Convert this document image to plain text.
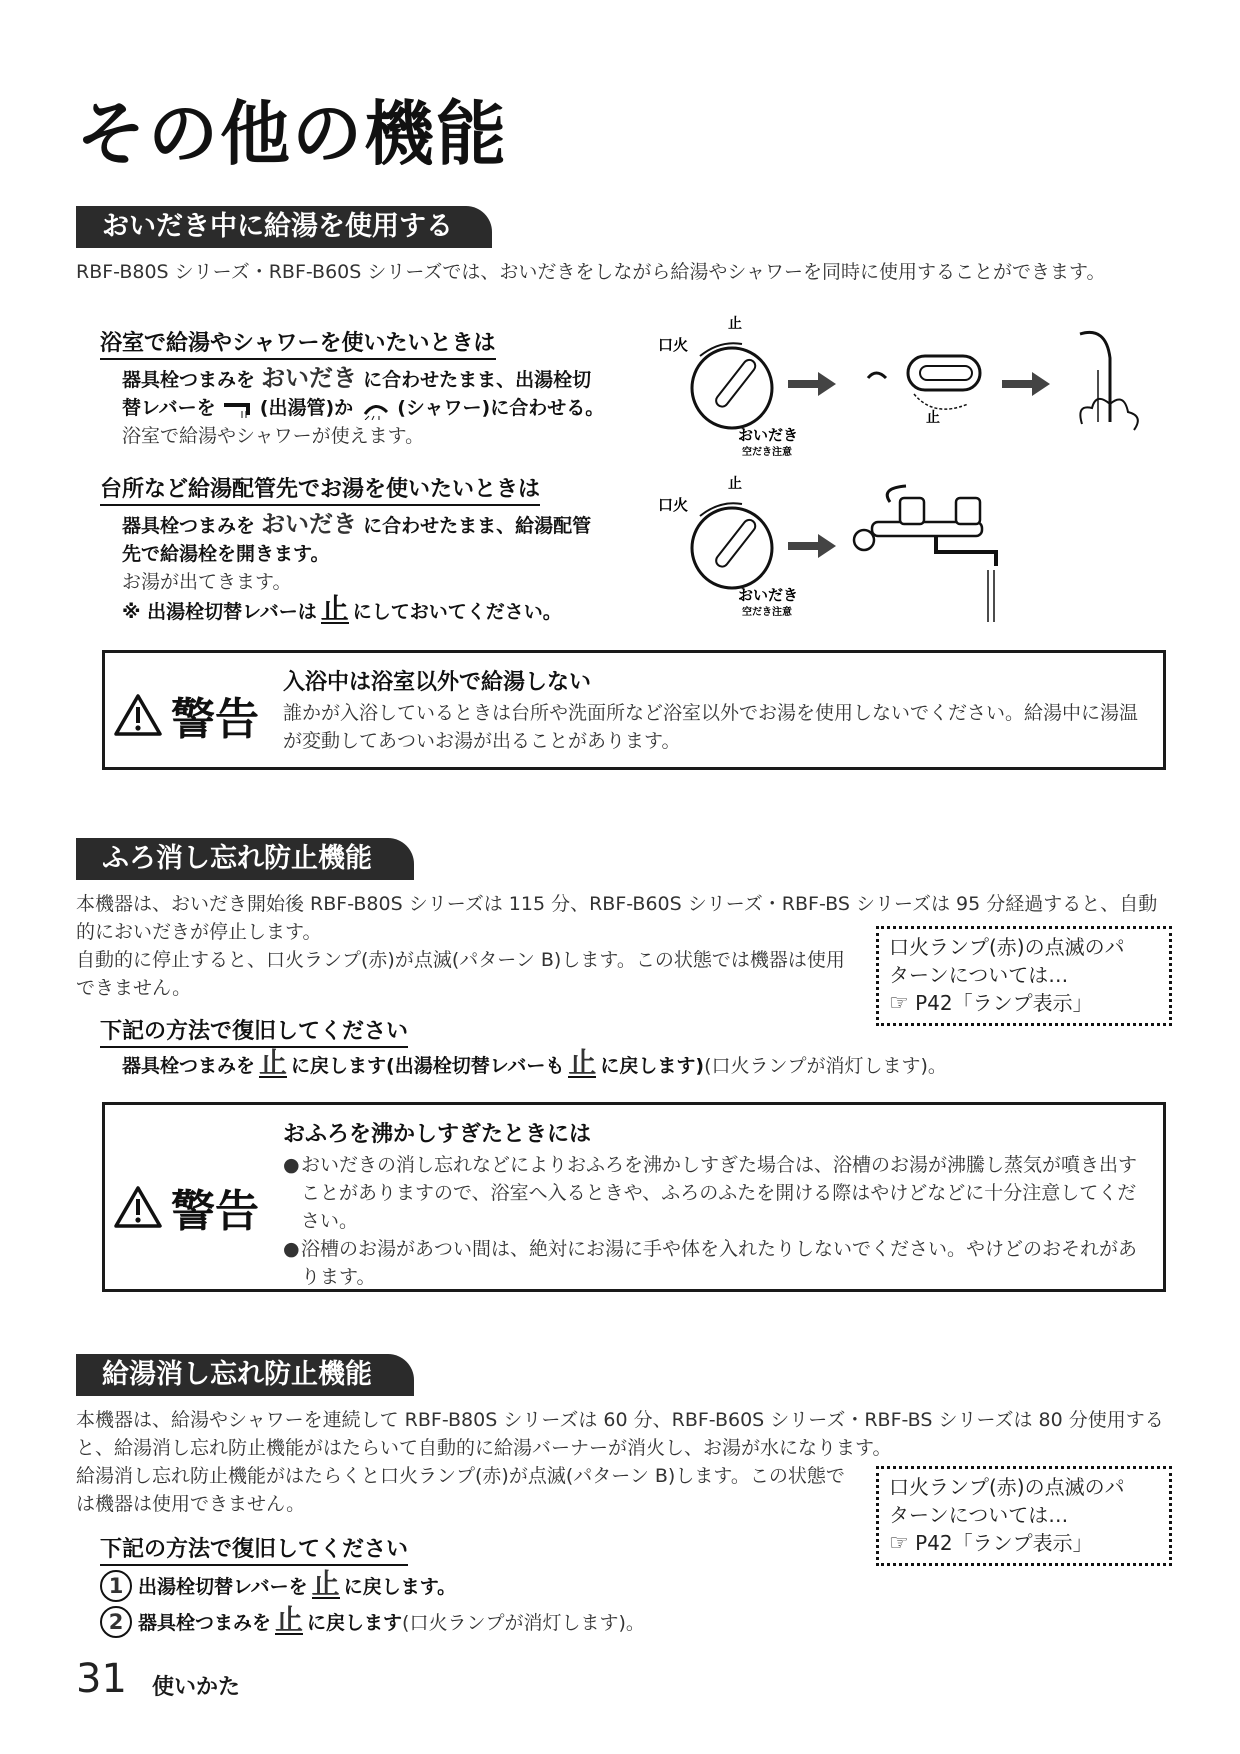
その他の機能
おいだき中に給湯を使用する
RBF-B80S シリーズ・RBF-B60S シリーズでは、おいだきをしながら給湯やシャワーを同時に使用することができます。
浴室で給湯やシャワーを使いたいときは
器具栓つまみを おいだき に合わせたまま、出湯栓切
替レバーを (出湯管)か (シャワー)に合わせる。
浴室で給湯やシャワーが使えます。
口火
止
おいだき
空だき注意
止
台所など給湯配管先でお湯を使いたいときは
器具栓つまみを おいだき に合わせたまま、給湯配管
先で給湯栓を開きます。
お湯が出てきます。
※ 出湯栓切替レバーは 止 にしておいてください。
口火
止
おいだき
空だき注意
警告
入浴中は浴室以外で給湯しない
誰かが入浴しているときは台所や洗面所など浴室以外でお湯を使用しないでください。給湯中に湯温が変動してあついお湯が出ることがあります。
ふろ消し忘れ防止機能
本機器は、おいだき開始後 RBF-B80S シリーズは 115 分、RBF-B60S シリーズ・RBF-BS シリーズは 95 分経過すると、自動的においだきが停止します。
自動的に停止すると、口火ランプ(赤)が点滅(パターン B)します。この状態では機器は使用できません。
口火ランプ(赤)の点滅のパ
ターンについては…
☞ P42「ランプ表示」
下記の方法で復旧してください
器具栓つまみを 止 に戻します(出湯栓切替レバーも 止 に戻します)(口火ランプが消灯します)。
警告
おふろを沸かしすぎたときには
● おいだきの消し忘れなどによりおふろを沸かしすぎた場合は、浴槽のお湯が沸騰し蒸気が噴き出すことがありますので、浴室へ入るときや、ふろのふたを開ける際はやけどなどに十分注意してください。
● 浴槽のお湯があつい間は、絶対にお湯に手や体を入れたりしないでください。やけどのおそれがあります。
給湯消し忘れ防止機能
本機器は、給湯やシャワーを連続して RBF-B80S シリーズは 60 分、RBF-B60S シリーズ・RBF-BS シリーズは 80 分使用すると、給湯消し忘れ防止機能がはたらいて自動的に給湯バーナーが消火し、お湯が水になります。
給湯消し忘れ防止機能がはたらくと口火ランプ(赤)が点滅(パターン B)します。この状態では機器は使用できません。
口火ランプ(赤)の点滅のパ
ターンについては…
☞ P42「ランプ表示」
下記の方法で復旧してください
1 出湯栓切替レバーを 止 に戻します。
2 器具栓つまみを 止 に戻します(口火ランプが消灯します)。
31 使いかた
